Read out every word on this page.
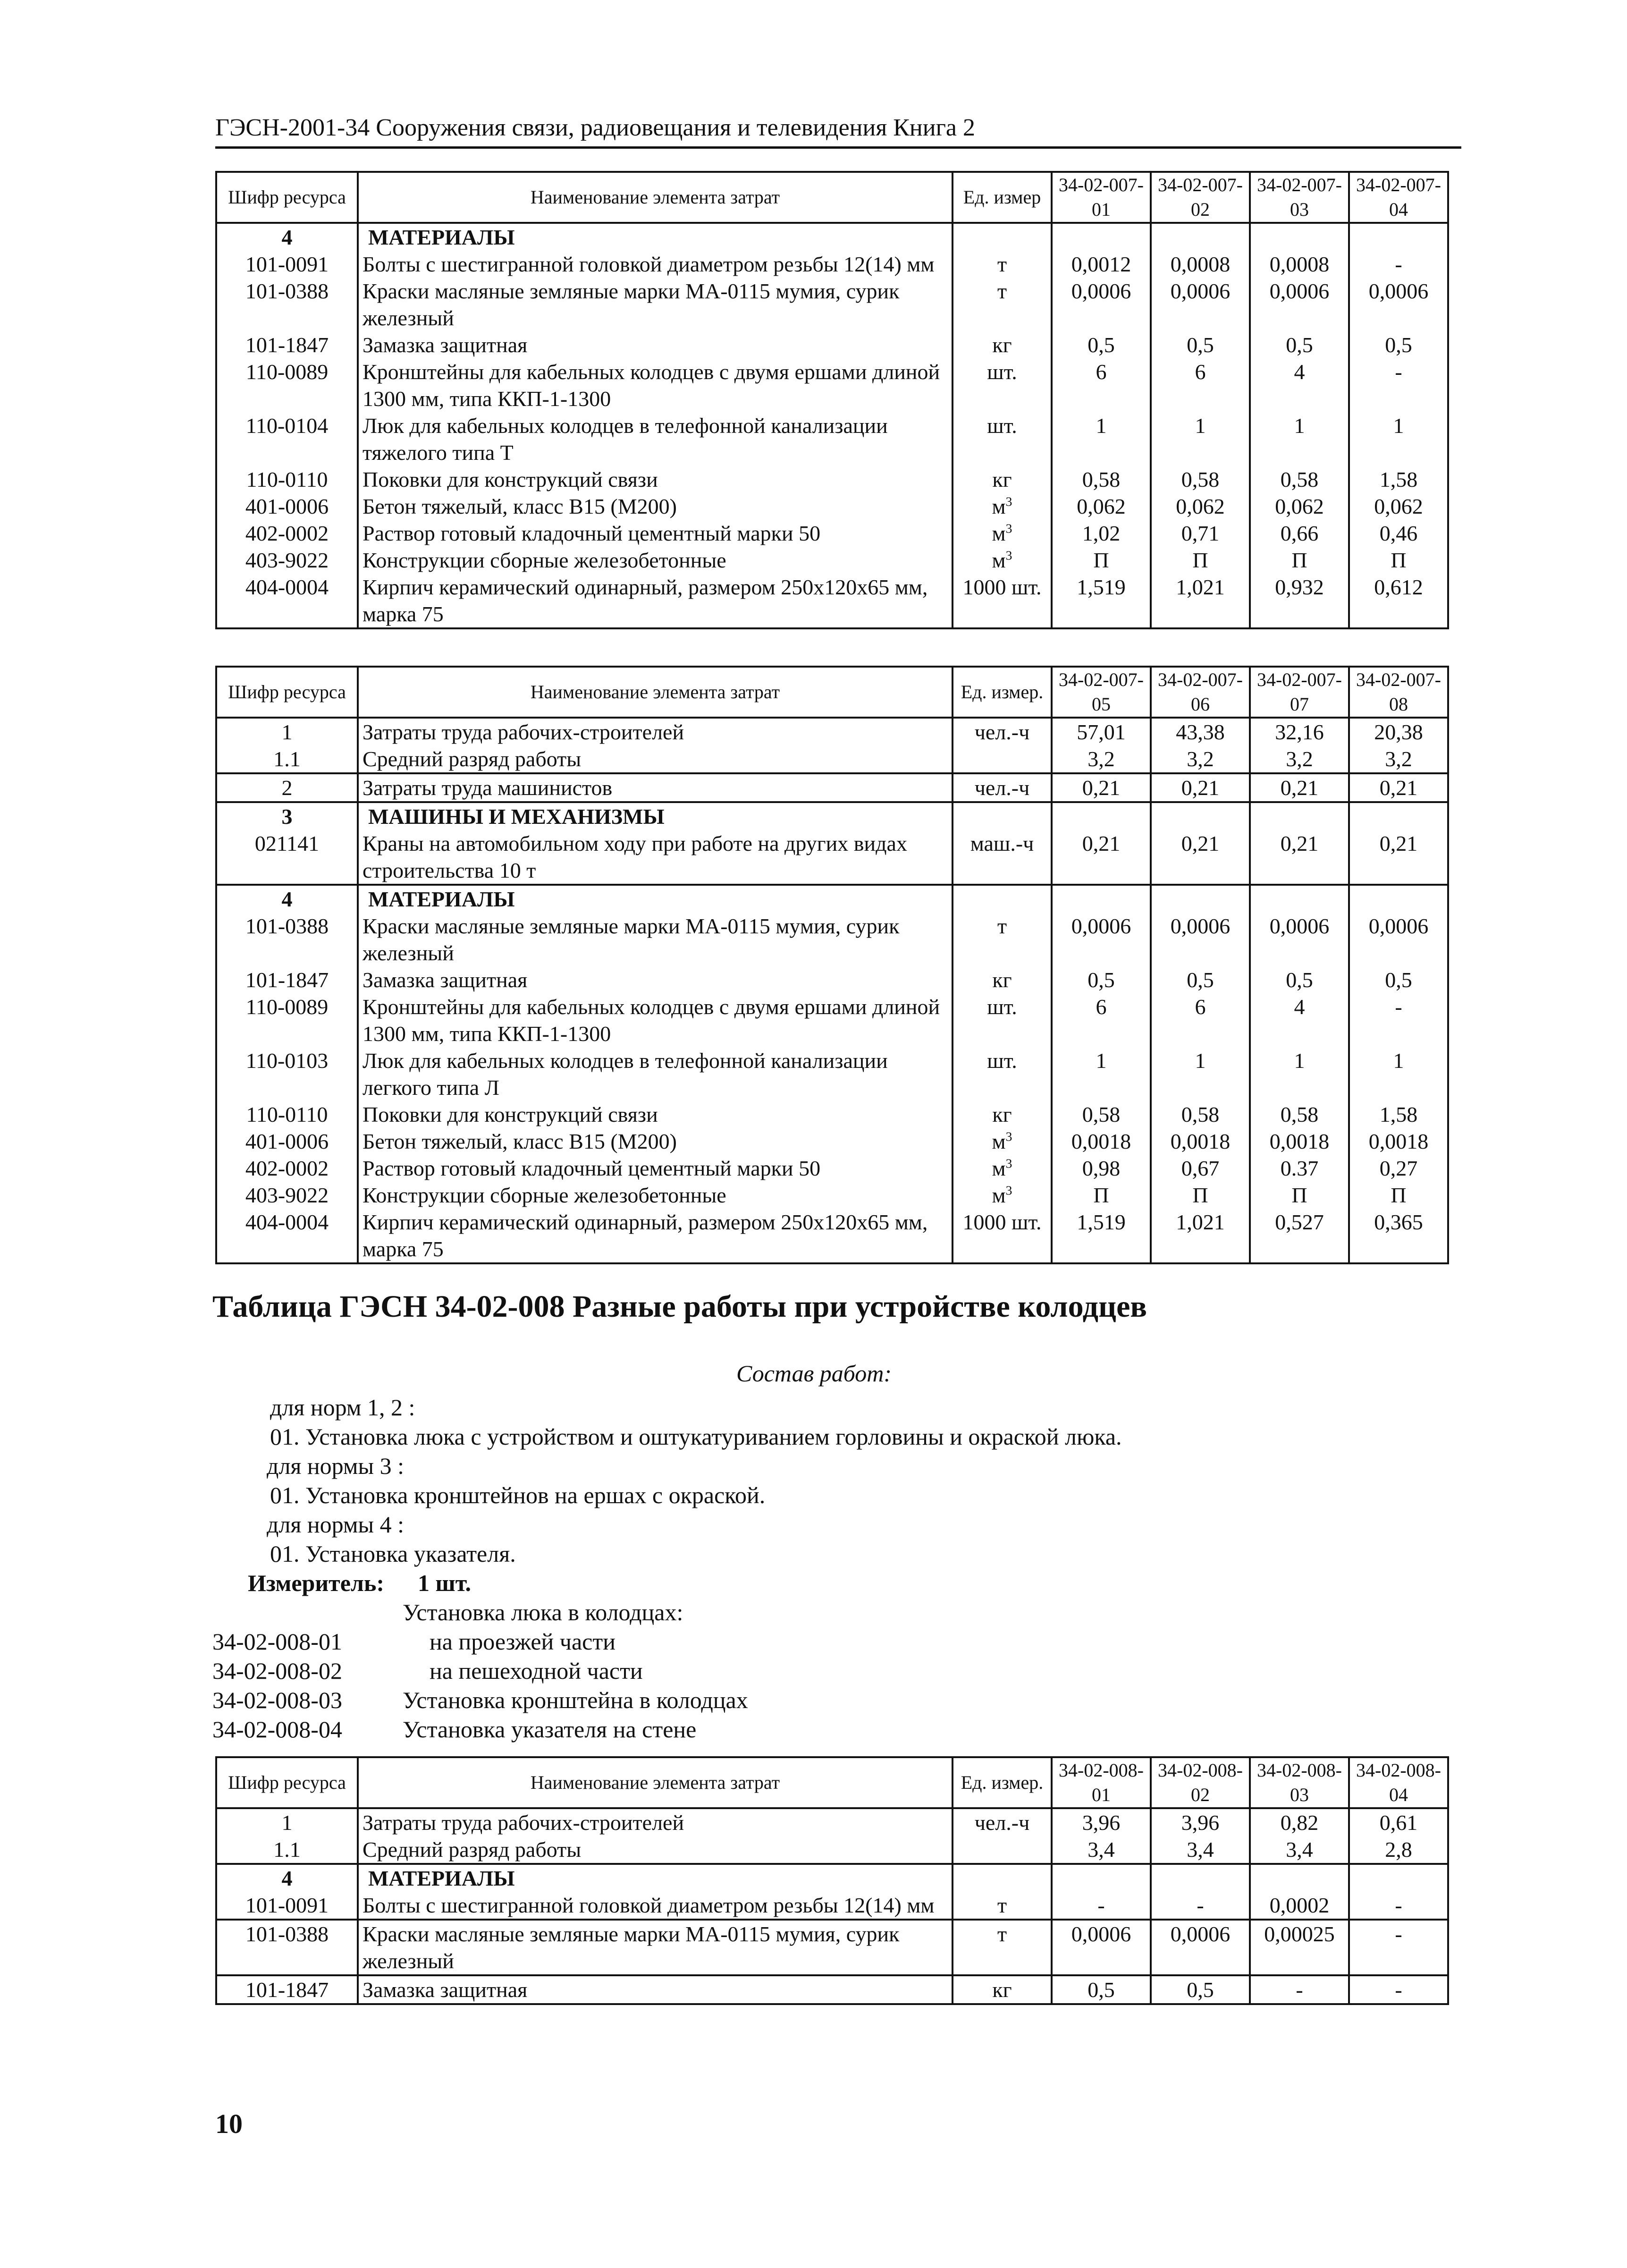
ГЭСН-2001-34 Сооружения связи, радиовещания и телевидения Книга 2
Шифр ресурса	Наименование элемента затрат	Ед. измер	34-02-007-01	34-02-007-02	34-02-007-03	34-02-007-04
4	МАТЕРИАЛЫ					
101-0091	Болты с шестигранной головкой диаметром резьбы 12(14) мм	т	0,0012	0,0008	0,0008	-
101-0388	Краски масляные земляные марки МА-0115 мумия, сурик железный	т	0,0006	0,0006	0,0006	0,0006
101-1847	Замазка защитная	кг	0,5	0,5	0,5	0,5
110-0089	Кронштейны для кабельных колодцев с двумя ершами длиной 1300 мм, типа ККП-1-1300	шт.	6	6	4	-
110-0104	Люк для кабельных колодцев в телефонной канализации тяжелого типа Т	шт.	1	1	1	1
110-0110	Поковки для конструкций связи	кг	0,58	0,58	0,58	1,58
401-0006	Бетон тяжелый, класс В15 (М200)	$м^3$	0,062	0,062	0,062	0,062
402-0002	Раствор готовый кладочный цементный марки 50	$м^3$	1,02	0,71	0,66	0,46
403-9022	Конструкции сборные железобетонные	$м^3$	П	П	П	П
404-0004	Кирпич керамический одинарный, размером 250х120х65 мм, марка 75	1000 шт.	1,519	1,021	0,932	0,612
Шифр ресурса	Наименование элемента затрат	Ед. измер.	34-02-007-05	34-02-007-06	34-02-007-07	34-02-007-08
1	Затраты труда рабочих-строителей	чел.-ч	57,01	43,38	32,16	20,38
1.1	Средний разряд работы		3,2	3,2	3,2	3,2
2	Затраты труда машинистов	чел.-ч	0,21	0,21	0,21	0,21
3	МАШИНЫ И МЕХАНИЗМЫ					
021141	Краны на автомобильном ходу при работе на других видах строительства 10 т	маш.-ч	0,21	0,21	0,21	0,21
4	МАТЕРИАЛЫ					
101-0388	Краски масляные земляные марки МА-0115 мумия, сурик железный	т	0,0006	0,0006	0,0006	0,0006
101-1847	Замазка защитная	кг	0,5	0,5	0,5	0,5
110-0089	Кронштейны для кабельных колодцев с двумя ершами длиной 1300 мм, типа ККП-1-1300	шт.	6	6	4	-
110-0103	Люк для кабельных колодцев в телефонной канализации легкого типа Л	шт.	1	1	1	1
110-0110	Поковки для конструкций связи	кг	0,58	0,58	0,58	1,58
401-0006	Бетон тяжелый, класс В15 (М200)	$м^3$	0,0018	0,0018	0,0018	0,0018
402-0002	Раствор готовый кладочный цементный марки 50	$м^3$	0,98	0,67	0.37	0,27
403-9022	Конструкции сборные железобетонные	$м^3$	П	П	П	П
404-0004	Кирпич керамический одинарный, размером 250х120х65 мм, марка 75	1000 шт.	1,519	1,021	0,527	0,365
Таблица ГЭСН 34-02-008 Разные работы при устройстве колодцев
Состав работ:
для норм 1, 2 :
01. Установка люка с устройством и оштукатуриванием горловины и окраской люка.
для нормы 3 :
01. Установка кронштейнов на ершах с окраской.
для нормы 4 :
01. Установка указателя.
Измеритель: 1 шт.
Установка люка в колодцах:
34-02-008-01	на проезжей части
34-02-008-02	на пешеходной части
34-02-008-03	Установка кронштейна в колодцах
34-02-008-04	Установка указателя на стене
Шифр ресурса	Наименование элемента затрат	Ед. измер.	34-02-008-01	34-02-008-02	34-02-008-03	34-02-008-04
1	Затраты труда рабочих-строителей	чел.-ч	3,96	3,96	0,82	0,61
1.1	Средний разряд работы		3,4	3,4	3,4	2,8
4	МАТЕРИАЛЫ					
101-0091	Болты с шестигранной головкой диаметром резьбы 12(14) мм	т	-	-	0,0002	-
101-0388	Краски масляные земляные марки МА-0115 мумия, сурик железный	т	0,0006	0,0006	0,00025	-
101-1847	Замазка защитная	кг	0,5	0,5	-	-
10
